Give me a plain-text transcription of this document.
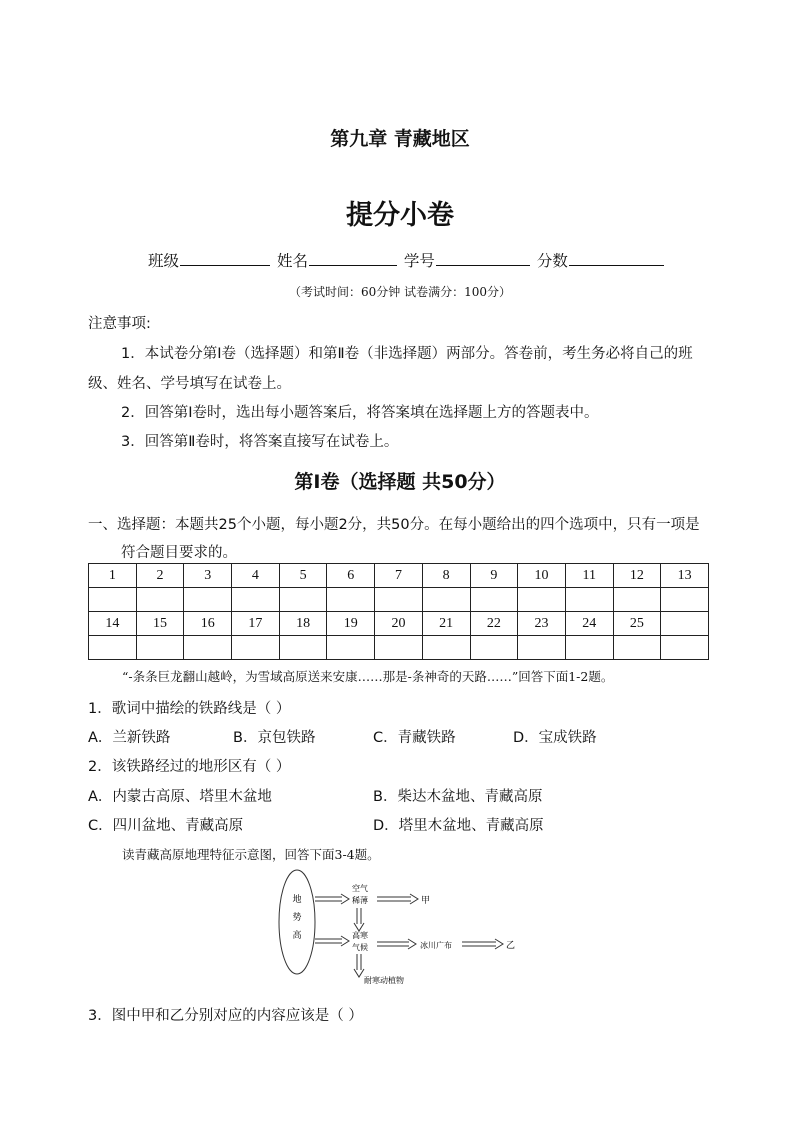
第九章 青藏地区
提分小卷
班级	姓名	学号	分数
（考试时间：60分钟 试卷满分：100分）
注意事项:
1．本试卷分第Ⅰ卷（选择题）和第Ⅱ卷（非选择题）两部分。答卷前，考生务必将自己的班
级、姓名、学号填写在试卷上。
2．回答第Ⅰ卷时，选出每小题答案后，将答案填在选择题上方的答题表中。
3．回答第Ⅱ卷时，将答案直接写在试卷上。
第Ⅰ卷（选择题 共50分）
一、选择题：本题共25个小题，每小题2分，共50分。在每小题给出的四个选项中，只有一项是
符合题目要求的。
1	2	3	4	5	6	7	8	9	10	11	12	13

14	15	16	17	18	19	20	21	22	23	24	25	

“-条条巨龙翻山越岭，为雪域高原送来安康……那是-条神奇的天路……”回答下面1-2题。
1．歌词中描绘的铁路线是（ ）
A．兰新铁路	B．京包铁路	C．青藏铁路	D．宝成铁路
2．该铁路经过的地形区有（ ）
A．内蒙古高原、塔里木盆地	B．柴达木盆地、青藏高原
C．四川盆地、青藏高原	D．塔里木盆地、青藏高原
读青藏高原地理特征示意图，回答下面3-4题。
地
势
高
空气
稀薄	甲
高寒
气候	冰川广布	乙
耐寒动植物
3．图中甲和乙分别对应的内容应该是（ ）
